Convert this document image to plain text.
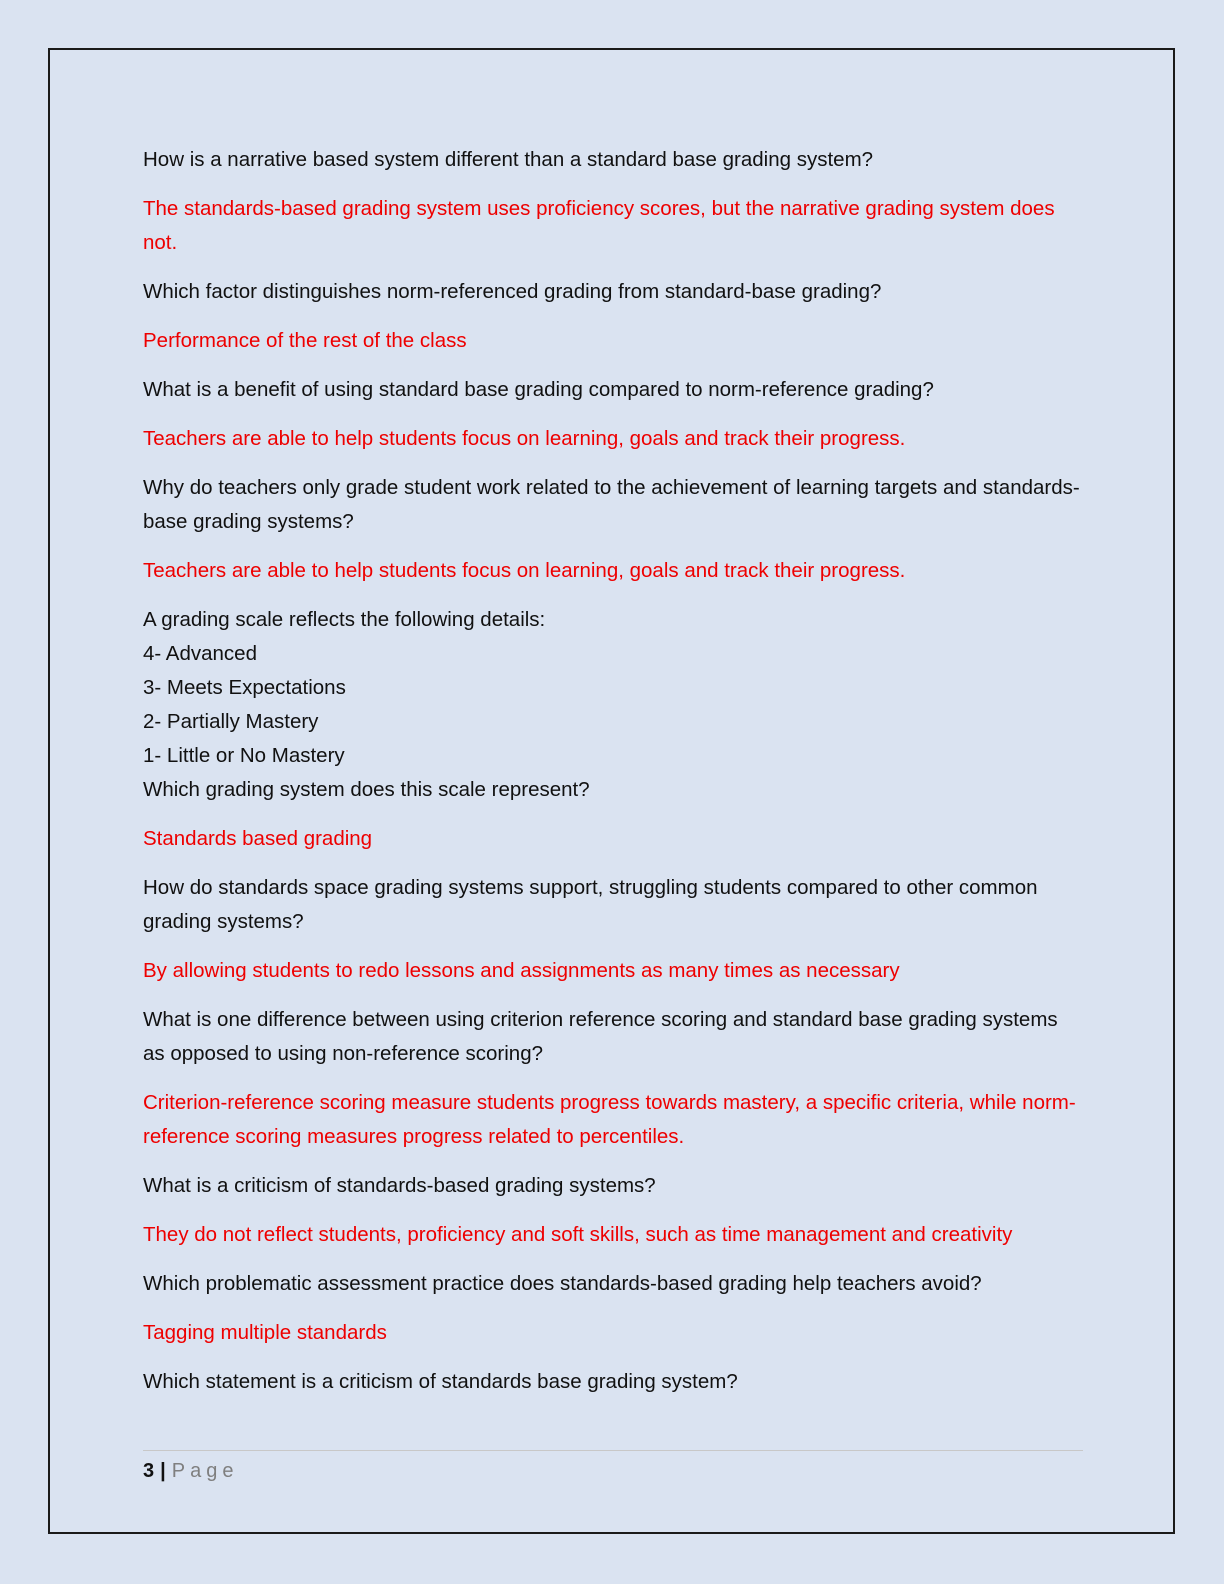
How is a narrative based system different than a standard base grading system?

The standards-based grading system uses proficiency scores, but the narrative grading system does not.

Which factor distinguishes norm-referenced grading from standard-base grading?

Performance of the rest of the class

What is a benefit of using standard base grading compared to norm-reference grading?

Teachers are able to help students focus on learning, goals and track their progress.

Why do teachers only grade student work related to the achievement of learning targets and standards-base grading systems?

Teachers are able to help students focus on learning, goals and track their progress.

A grading scale reflects the following details:
4- Advanced
3- Meets Expectations
2- Partially Mastery
1- Little or No Mastery
Which grading system does this scale represent?

Standards based grading

How do standards space grading systems support, struggling students compared to other common grading systems?

By allowing students to redo lessons and assignments as many times as necessary

What is one difference between using criterion reference scoring and standard base grading systems as opposed to using non-reference scoring?

Criterion-reference scoring measure students progress towards mastery, a specific criteria, while norm-reference scoring measures progress related to percentiles.

What is a criticism of standards-based grading systems?

They do not reflect students, proficiency and soft skills, such as time management and creativity

Which problematic assessment practice does standards-based grading help teachers avoid?

Tagging multiple standards

Which statement is a criticism of standards base grading system?

3 | Page
